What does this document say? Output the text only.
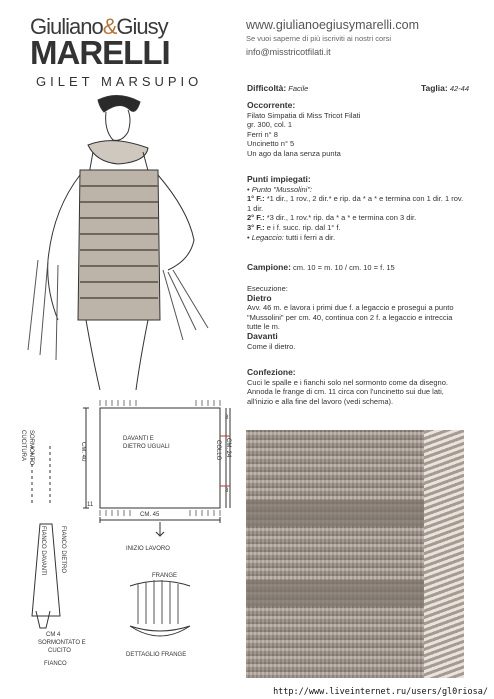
Giuliano&Giusy
MARELLI
GILET MARSUPIO
www.giulianoegiusymarelli.com
Se vuoi saperne di più iscriviti ai nostri corsi
info@misstricotfilati.it
Difficoltà: Facile	Taglia: 42-44
Occorrente:
Filato Simpatia di Miss Tricot Filati
gr. 300, col. 1
Ferri n° 8
Uncinetto n° 5
Un ago da lana senza punta
Punti impiegati:
• Punto "Mussolini":
1° F.: *1 dir., 1 rov., 2 dir.* e rip. da * a * e termina con 1 dir. 1 rov. 1 dir.
2° F.: *3 dir., 1 rov.* rip. da * a * e termina con 3 dir.
3° F.: e i f. succ. rip. dal 1° f.
• Legaccio: tutti i ferri a dir.
Campione: cm. 10 = m. 10 / cm. 10 = f. 15
Esecuzione:
Dietro
Avv. 46 m. e lavora i primi due f. a legaccio e prosegui a punto "Mussolini" per cm. 40, continua con 2 f. a legaccio e intreccia tutte le m.
Davanti
Come il dietro.
Confezione:
Cuci le spalle e i fianchi solo nel sormonto come da disegno. Annoda le frange di cm. 11 circa con l'uncinetto sui due lati, all'inizio e alla fine del lavoro (vedi schema).
DAVANTI E
DIETRO UGUALI
CM. 45
CM. 40	CM. 24
COLLO
8
8
11
INIZIO LAVORO
CUCITURA SORMONTO
FIANCO DAVANTI FIANCO DIETRO
CM 4
SORMONTATO E
CUCITO
FIANCO
FRANGE
DETTAGLIO FRANGE
http://www.liveinternet.ru/users/gl0riosa/
